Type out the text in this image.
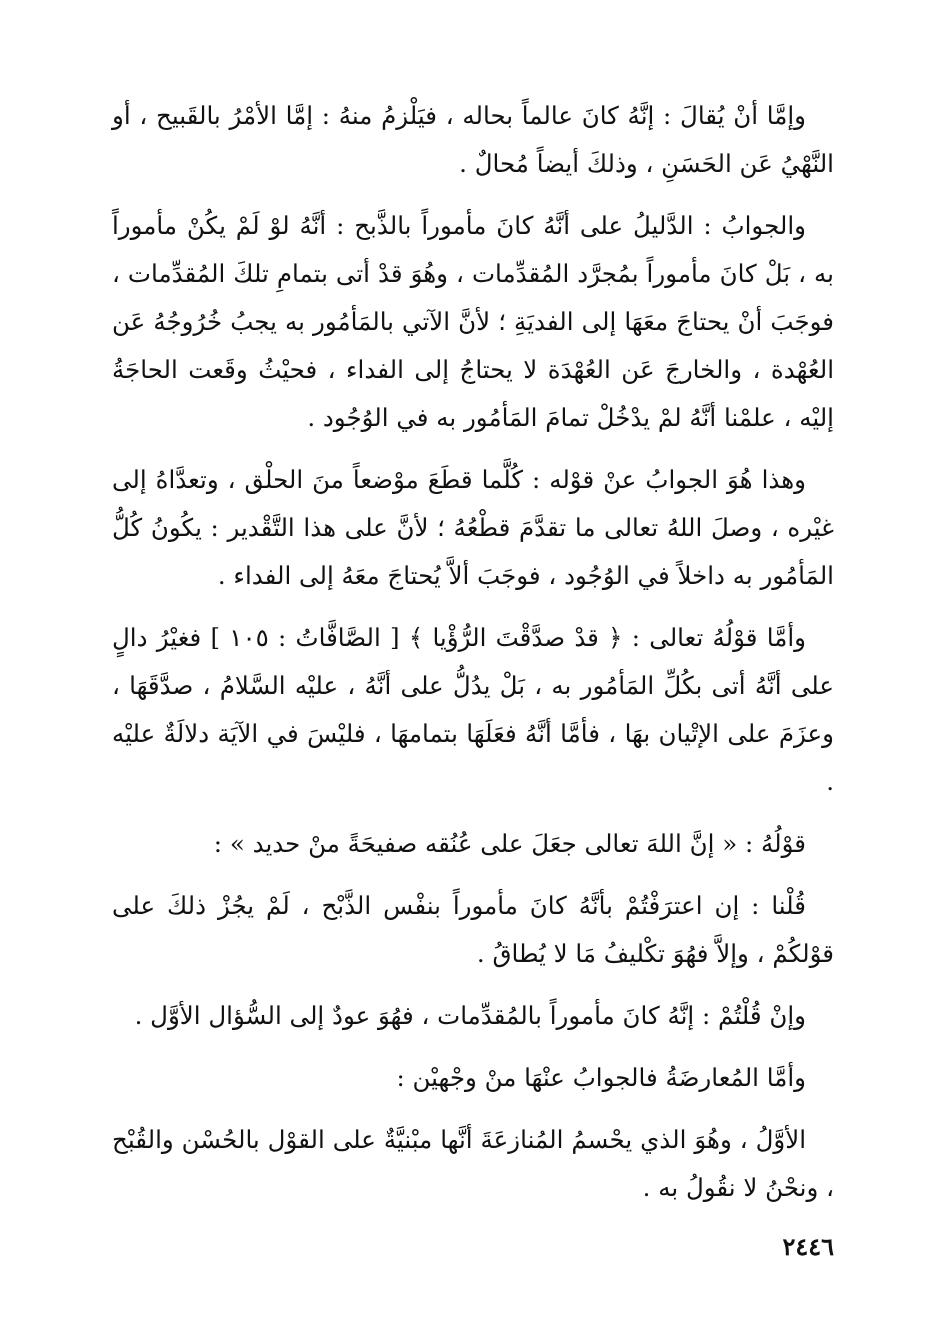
وإمَّا أنْ يُقالَ : إنَّهُ كانَ عالماً بحاله ، فيَلْزمُ منهُ : إمَّا الأمْرُ بالقَبيح ، أو النَّهْيُ عَن الحَسَنِ ، وذلكَ أيضاً مُحالٌ .

والجوابُ : الدَّليلُ على أنَّهُ كانَ مأموراً بالذَّبح : أنَّهُ لوْ لَمْ يكُنْ مأموراً به ، بَلْ كانَ مأموراً بمُجرَّد المُقدِّمات ، وهُوَ قدْ أتى بتمامِ تلكَ المُقدِّمات ، فوجَبَ أنْ يحتاجَ معَهَا إلى الفديَةِ ؛ لأنَّ الآتي بالمَأمُور به يجبُ خُرُوجُهُ عَن العُهْدة ، والخارجَ عَن العُهْدَة لا يحتاجُ إلى الفداء ، فحيْثُ وقَعت الحاجَةُ إليْه ، علمْنا أنَّهُ لمْ يدْخُلْ تمامَ المَأمُور به في الوُجُود .

وهذا هُوَ الجوابُ عنْ قوْله : كُلَّما قطَعَ موْضعاً منَ الحلْق ، وتعدَّاهُ إلى غيْره ، وصلَ اللهُ تعالى ما تقدَّمَ قطْعُهُ ؛ لأنَّ على هذا التَّقْدير : يكُونُ كُلُّ المَأمُور به داخلاً في الوُجُود ، فوجَبَ ألاَّ يُحتاجَ معَهُ إلى الفداء .

وأمَّا قوْلُهُ تعالى : ﴿ قدْ صدَّقْتَ الرُّؤْيا ﴾ [ الصَّافَّاتُ : ١٠٥ ] فغيْرُ دالٍ على أنَّهُ أتى بكُلِّ المَأمُور به ، بَلْ يدُلُّ على أنَّهُ ، عليْه السَّلامُ ، صدَّقَهَا ، وعزَمَ على الإتْيان بهَا ، فأمَّا أنَّهُ فعَلَهَا بتمامهَا ، فليْسَ في الآيَة دلالَةٌ عليْه .

قوْلُهُ : « إنَّ اللهَ تعالى جعَلَ على عُنُقه صفيحَةً منْ حديد » :

قُلْنا : إن اعترَفْتُمْ بأنَّهُ كانَ مأموراً بنفْس الذَّبْح ، لَمْ يجُزْ ذلكَ على قوْلكُمْ ، وإلاَّ فهُوَ تكْليفُ مَا لا يُطاقُ .

وإنْ قُلْتُمْ : إنَّهُ كانَ مأموراً بالمُقدِّمات ، فهُوَ عودٌ إلى السُّؤال الأوَّل .

وأمَّا المُعارضَةُ فالجوابُ عنْهَا منْ وجْهيْن :

الأوَّلُ ، وهُوَ الذي يحْسمُ المُنازعَةَ أنَّها مبْنيَّةٌ على القوْل بالحُسْن والقُبْح ، ونحْنُ لا نقُولُ به .

٢٤٤٦
